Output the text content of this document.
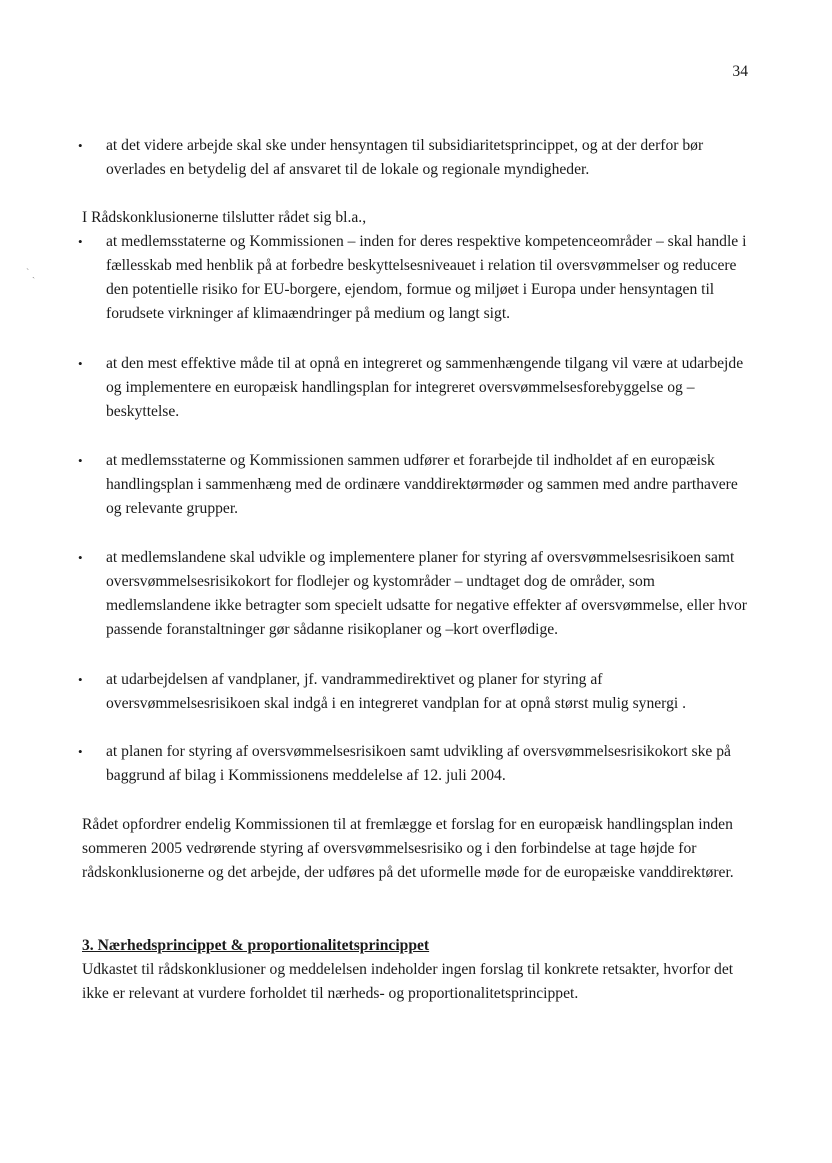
34
•	at det videre arbejde skal ske under hensyntagen til subsidiaritetsprincippet, og at der derfor bør overlades en betydelig del af ansvaret til de lokale og regionale myndigheder.
I Rådskonklusionerne tilslutter rådet sig bl.a.,
` ˎ
•	at medlemsstaterne og Kommissionen – inden for deres respektive kompetenceområder – skal handle i fællesskab med henblik på at forbedre beskyttelsesniveauet i relation til oversvømmelser og reducere den potentielle risiko for EU-borgere, ejendom, formue og miljøet i Europa under hensyntagen til forudsete virkninger af klimaændringer på medium og langt sigt.
•	at den mest effektive måde til at opnå en integreret og sammenhængende tilgang vil være at udarbejde og implementere en europæisk handlingsplan for integreret oversvømmelsesforebyggelse og –beskyttelse.
•	at medlemsstaterne og Kommissionen sammen udfører et forarbejde til indholdet af en europæisk handlingsplan i sammenhæng med de ordinære vanddirektørmøder og sammen med andre parthavere og relevante grupper.
•	at medlemslandene skal udvikle og implementere planer for styring af oversvømmelsesrisikoen samt oversvømmelsesrisikokort for flodlejer og kystområder – undtaget dog de områder, som medlemslandene ikke betragter som specielt udsatte for negative effekter af oversvømmelse, eller hvor passende foranstaltninger gør sådanne risikoplaner og –kort overflødige.
•	at udarbejdelsen af vandplaner, jf. vandrammedirektivet og planer for styring af oversvømmelsesrisikoen skal indgå i en integreret vandplan for at opnå størst mulig synergi .
•	at planen for styring af oversvømmelsesrisikoen samt udvikling af oversvømmelsesrisikokort ske på baggrund af bilag i Kommissionens meddelelse af 12. juli 2004.
Rådet opfordrer endelig Kommissionen til at fremlægge et forslag for en europæisk handlingsplan inden sommeren 2005 vedrørende styring af oversvømmelsesrisiko og i den forbindelse at tage højde for rådskonklusionerne og det arbejde, der udføres på det uformelle møde for de europæiske vanddirektører.
3. Nærhedsprincippet & proportionalitetsprincippet
Udkastet til rådskonklusioner og meddelelsen indeholder ingen forslag til konkrete retsakter, hvorfor det ikke er relevant at vurdere forholdet til nærheds- og proportionalitetsprincippet.
